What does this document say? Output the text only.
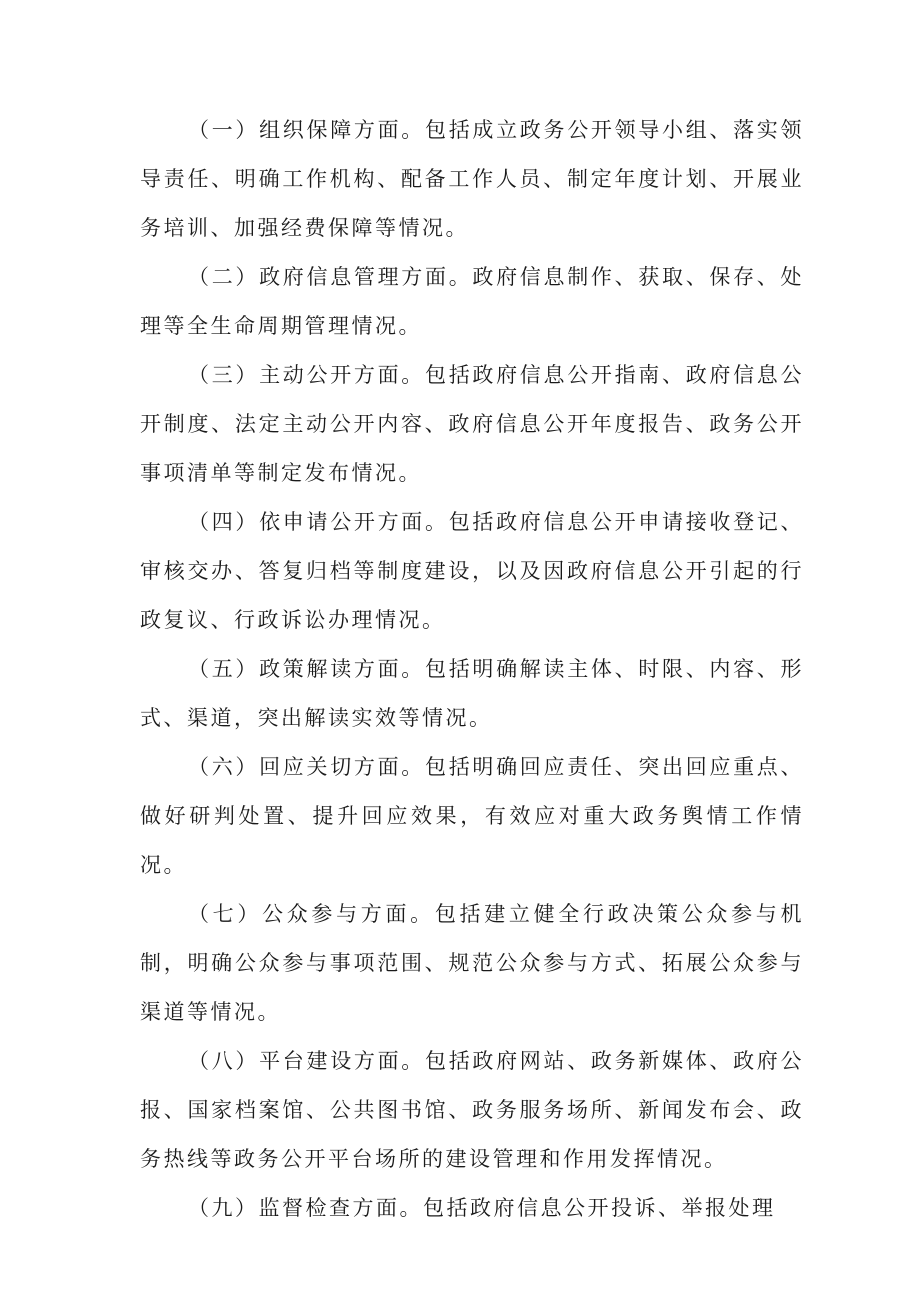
（一）组织保障方面。包括成立政务公开领导小组、落实领导责任、明确工作机构、配备工作人员、制定年度计划、开展业务培训、加强经费保障等情况。

（二）政府信息管理方面。政府信息制作、获取、保存、处理等全生命周期管理情况。

（三）主动公开方面。包括政府信息公开指南、政府信息公开制度、法定主动公开内容、政府信息公开年度报告、政务公开事项清单等制定发布情况。

（四）依申请公开方面。包括政府信息公开申请接收登记、审核交办、答复归档等制度建设，以及因政府信息公开引起的行政复议、行政诉讼办理情况。

（五）政策解读方面。包括明确解读主体、时限、内容、形式、渠道，突出解读实效等情况。

（六）回应关切方面。包括明确回应责任、突出回应重点、做好研判处置、提升回应效果，有效应对重大政务舆情工作情况。

（七）公众参与方面。包括建立健全行政决策公众参与机制，明确公众参与事项范围、规范公众参与方式、拓展公众参与渠道等情况。

（八）平台建设方面。包括政府网站、政务新媒体、政府公报、国家档案馆、公共图书馆、政务服务场所、新闻发布会、政务热线等政务公开平台场所的建设管理和作用发挥情况。

（九）监督检查方面。包括政府信息公开投诉、举报处理
